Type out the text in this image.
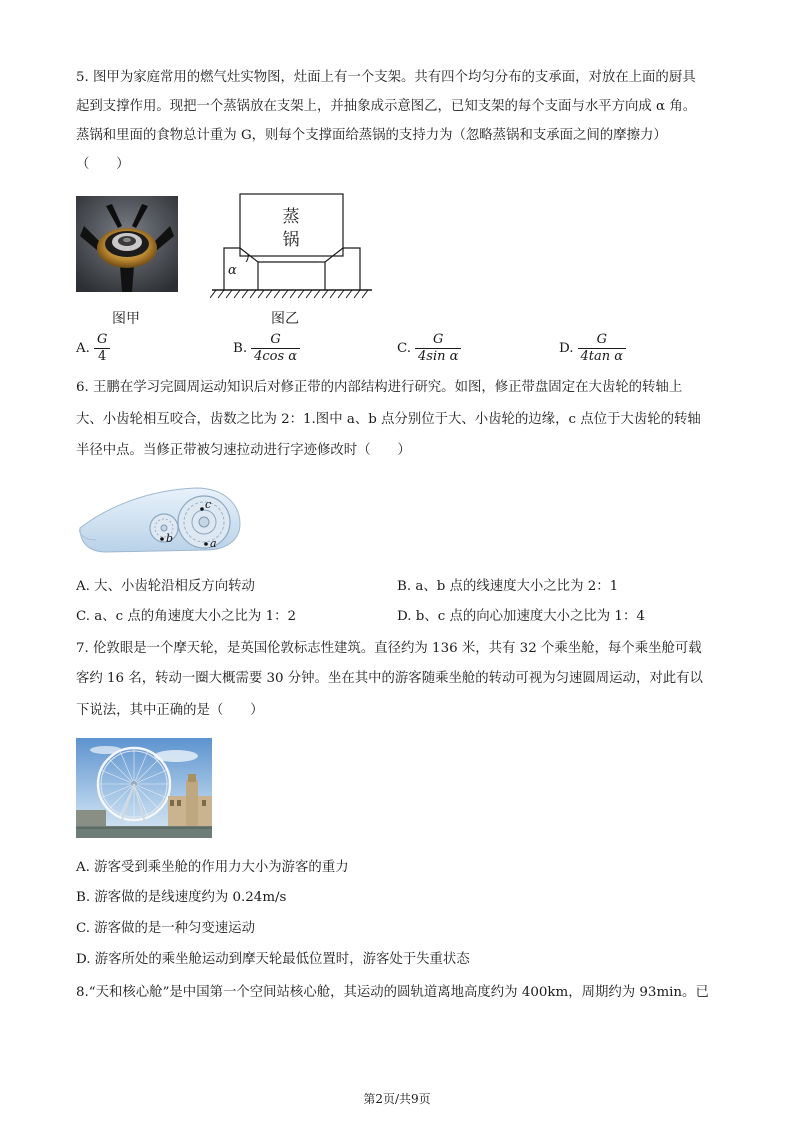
5. 图甲为家庭常用的燃气灶实物图，灶面上有一个支架。共有四个均匀分布的支承面，对放在上面的厨具
起到支撑作用。现把一个蒸锅放在支架上，并抽象成示意图乙，已知支架的每个支面与水平方向成 α 角。
蒸锅和里面的食物总计重为 G，则每个支撑面给蒸锅的支持力为（忽略蒸锅和支承面之间的摩擦力）
（　　）
图甲
蒸
锅
α
图乙
A. $\frac{G}{4}$	B. $\frac{G}{\text{4cos α}}$	C. $\frac{G}{\text{4sin α}}$	D. $\frac{G}{\text{4tan α}}$
6. 王鹏在学习完圆周运动知识后对修正带的内部结构进行研究。如图，修正带盘固定在大齿轮的转轴上
大、小齿轮相互咬合，齿数之比为 2：1.图中 a、b 点分别位于大、小齿轮的边缘，c 点位于大齿轮的转轴
半径中点。当修正带被匀速拉动进行字迹修改时（　　）
c
b	a
A. 大、小齿轮沿相反方向转动	B. a、b 点的线速度大小之比为 2：1
C. a、c 点的角速度大小之比为 1：2	D. b、c 点的向心加速度大小之比为 1：4
7. 伦敦眼是一个摩天轮，是英国伦敦标志性建筑。直径约为 136 米，共有 32 个乘坐舱，每个乘坐舱可载
客约 16 名，转动一圈大概需要 30 分钟。坐在其中的游客随乘坐舱的转动可视为匀速圆周运动，对此有以
下说法，其中正确的是（　　）
A. 游客受到乘坐舱的作用力大小为游客的重力
B. 游客做的是线速度约为 0.24m/s
C. 游客做的是一种匀变速运动
D. 游客所处的乘坐舱运动到摩天轮最低位置时，游客处于失重状态
8.“天和核心舱”是中国第一个空间站核心舱，其运动的圆轨道离地高度约为 400km，周期约为 93min。已
第2页/共9页
